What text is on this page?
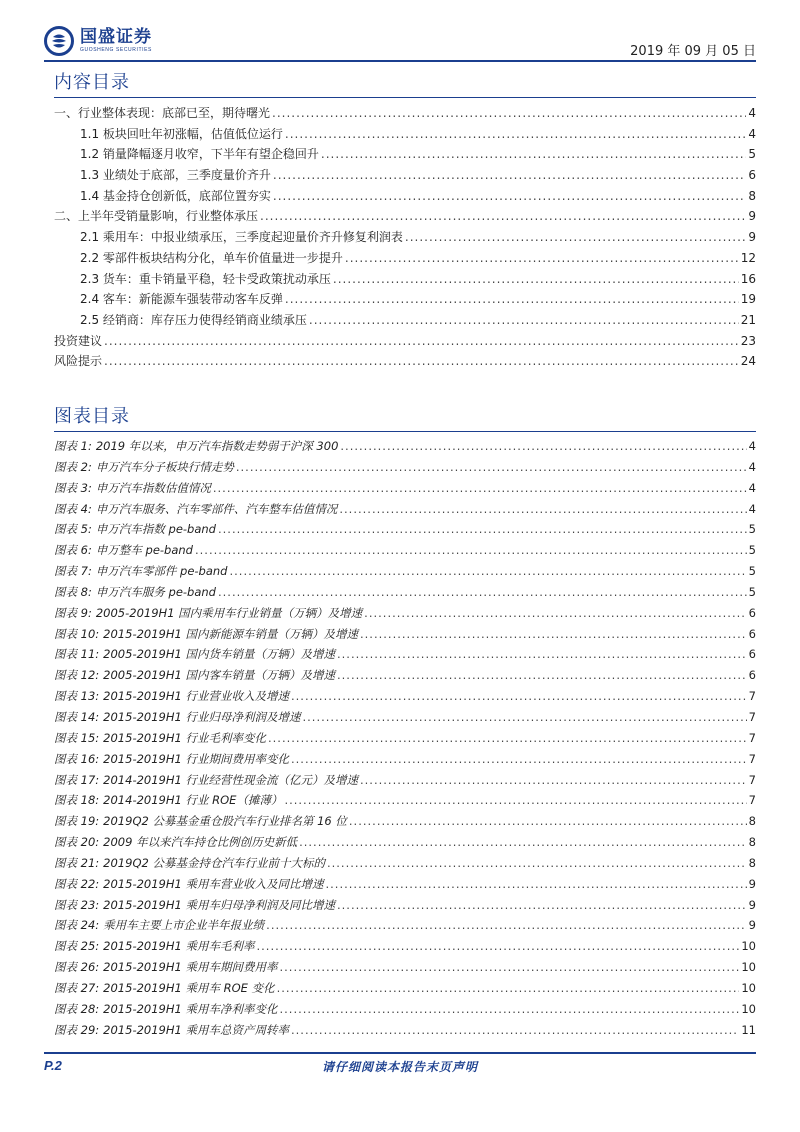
国盛证券
GUOSHENG SECURITIES	2019 年 09 月 05 日
内容目录
一、行业整体表现：底部已至，期待曙光 .....	4
1.1 板块回吐年初涨幅，估值低位运行 .....	4
1.2 销量降幅逐月收窄，下半年有望企稳回升 .....	5
1.3 业绩处于底部，三季度量价齐升 .....	6
1.4 基金持仓创新低，底部位置夯实 .....	8
二、上半年受销量影响，行业整体承压 .....	9
2.1 乘用车：中报业绩承压，三季度起迎量价齐升修复利润表 .....	9
2.2 零部件板块结构分化，单车价值量进一步提升 .....	12
2.3 货车：重卡销量平稳，轻卡受政策扰动承压 .....	16
2.4 客车：新能源车强装带动客车反弹 .....	19
2.5 经销商：库存压力使得经销商业绩承压 .....	21
投资建议 .....	23
风险提示 .....	24
图表目录
图表 1: 2019 年以来，申万汽车指数走势弱于沪深 300 .....	4
图表 2: 申万汽车分子板块行情走势 .....	4
图表 3: 申万汽车指数估值情况 .....	4
图表 4: 申万汽车服务、汽车零部件、汽车整车估值情况 .....	4
图表 5: 申万汽车指数 pe-band .....	5
图表 6: 申万整车 pe-band .....	5
图表 7: 申万汽车零部件 pe-band .....	5
图表 8: 申万汽车服务 pe-band .....	5
图表 9: 2005-2019H1 国内乘用车行业销量（万辆）及增速 .....	6
图表 10: 2015-2019H1 国内新能源车销量（万辆）及增速 .....	6
图表 11: 2005-2019H1 国内货车销量（万辆）及增速 .....	6
图表 12: 2005-2019H1 国内客车销量（万辆）及增速 .....	6
图表 13: 2015-2019H1 行业营业收入及增速 .....	7
图表 14: 2015-2019H1 行业归母净利润及增速 .....	7
图表 15: 2015-2019H1 行业毛利率变化 .....	7
图表 16: 2015-2019H1 行业期间费用率变化 .....	7
图表 17: 2014-2019H1 行业经营性现金流（亿元）及增速 .....	7
图表 18: 2014-2019H1 行业 ROE（摊薄） .....	7
图表 19: 2019Q2 公募基金重仓股汽车行业排名第 16 位 .....	8
图表 20: 2009 年以来汽车持仓比例创历史新低 .....	8
图表 21: 2019Q2 公募基金持仓汽车行业前十大标的 .....	8
图表 22: 2015-2019H1 乘用车营业收入及同比增速 .....	9
图表 23: 2015-2019H1 乘用车归母净利润及同比增速 .....	9
图表 24: 乘用车主要上市企业半年报业绩 .....	9
图表 25: 2015-2019H1 乘用车毛利率 .....	10
图表 26: 2015-2019H1 乘用车期间费用率 .....	10
图表 27: 2015-2019H1 乘用车 ROE 变化 .....	10
图表 28: 2015-2019H1 乘用车净利率变化 .....	10
图表 29: 2015-2019H1 乘用车总资产周转率 .....	11
P.2	请仔细阅读本报告末页声明
